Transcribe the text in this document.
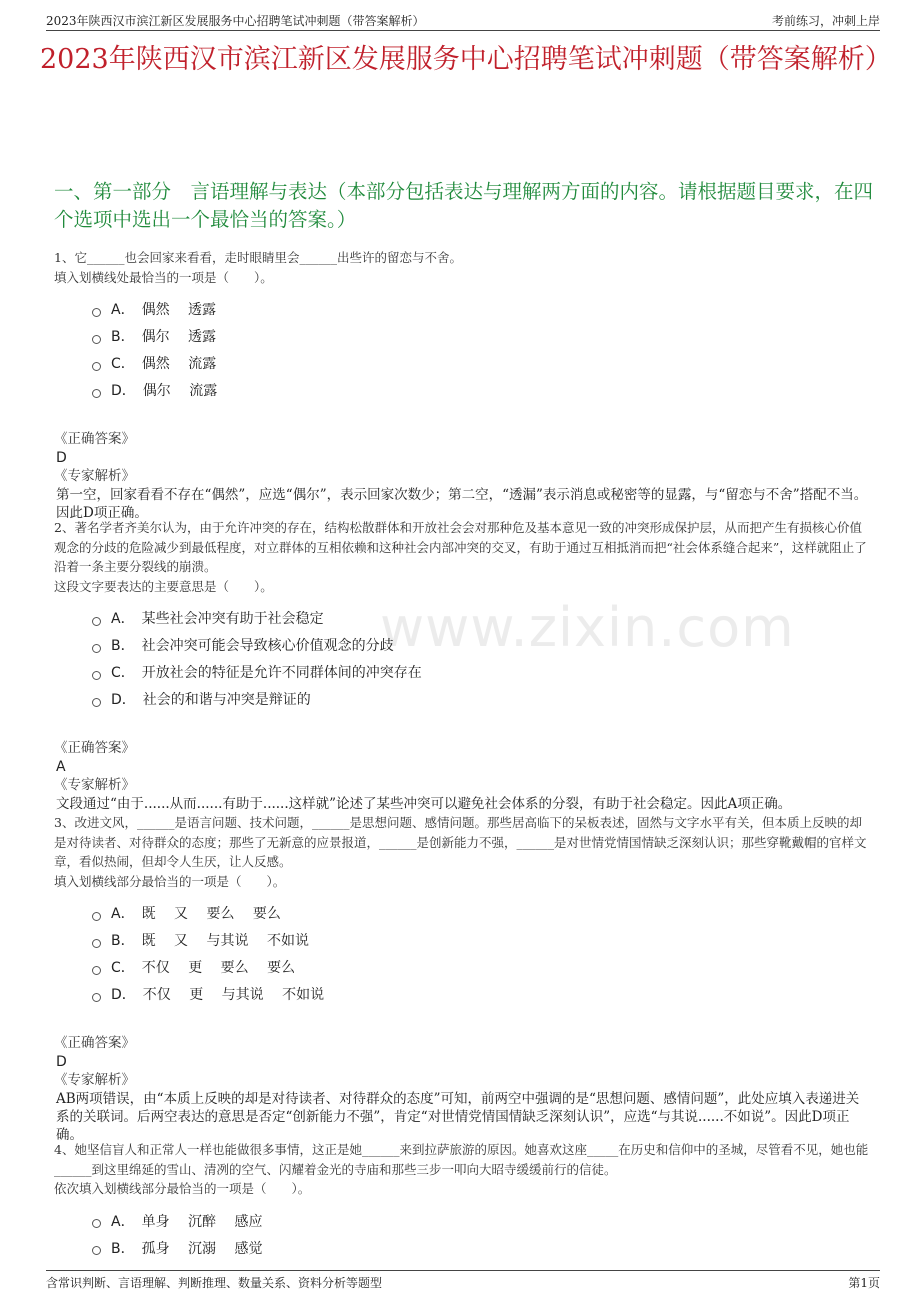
2023年陕西汉市滨江新区发展服务中心招聘笔试冲刺题（带答案解析）	考前练习，冲刺上岸
2023年陕西汉市滨江新区发展服务中心招聘笔试冲刺题（带答案解析）
一、第一部分　言语理解与表达（本部分包括表达与理解两方面的内容。请根据题目要求，在四个选项中选出一个最恰当的答案。）
www.zixin.com
1、它______也会回家来看看，走时眼睛里会______出些许的留恋与不舍。
填入划横线处最恰当的一项是（　　）。
A．　偶然　 透露
B．　偶尔　 透露
C．　偶然　 流露
D．　偶尔　 流露
《正确答案》
D
《专家解析》
第一空，回家看看不存在“偶然”，应选“偶尔”，表示回家次数少；第二空，“透漏”表示消息或秘密等的显露，与“留恋与不舍”搭配不当。因此D项正确。
2、著名学者齐美尔认为，由于允许冲突的存在，结构松散群体和开放社会会对那种危及基本意见一致的冲突形成保护层，从而把产生有损核心价值观念的分歧的危险减少到最低程度，对立群体的互相依赖和这种社会内部冲突的交叉，有助于通过互相抵消而把“社会体系缝合起来”，这样就阻止了沿着一条主要分裂线的崩溃。
这段文字要表达的主要意思是（　　）。
A．　某些社会冲突有助于社会稳定
B．　社会冲突可能会导致核心价值观念的分歧
C．　开放社会的特征是允许不同群体间的冲突存在
D．　社会的和谐与冲突是辩证的
《正确答案》
A
《专家解析》
文段通过“由于......从而......有助于......这样就”论述了某些冲突可以避免社会体系的分裂，有助于社会稳定。因此A项正确。
3、改进文风，______是语言问题、技术问题，______是思想问题、感情问题。那些居高临下的呆板表述，固然与文字水平有关，但本质上反映的却是对待读者、对待群众的态度；那些了无新意的应景报道，______是创新能力不强，______是对世情党情国情缺乏深刻认识；那些穿靴戴帽的官样文章，看似热闹，但却令人生厌，让人反感。
填入划横线部分最恰当的一项是（　　）。
A．　既　 又　 要么　 要么
B．　既　 又　 与其说　 不如说
C．　不仅　 更　 要么　 要么
D．　不仅　 更　 与其说　 不如说
《正确答案》
D
《专家解析》
AB两项错误，由“本质上反映的却是对待读者、对待群众的态度”可知，前两空中强调的是“思想问题、感情问题”，此处应填入表递进关系的关联词。后两空表达的意思是否定“创新能力不强”，肯定“对世情党情国情缺乏深刻认识”，应选“与其说......不如说”。因此D项正确。
4、她坚信盲人和正常人一样也能做很多事情，这正是她______来到拉萨旅游的原因。她喜欢这座_____在历史和信仰中的圣城，尽管看不见，她也能______到这里绵延的雪山、清冽的空气、闪耀着金光的寺庙和那些三步一叩向大昭寺缓缓前行的信徒。
依次填入划横线部分最恰当的一项是（　　）。
A．　单身　 沉醉　 感应
B．　孤身　 沉溺　 感觉
含常识判断、言语理解、判断推理、数量关系、资料分析等题型	第1页
